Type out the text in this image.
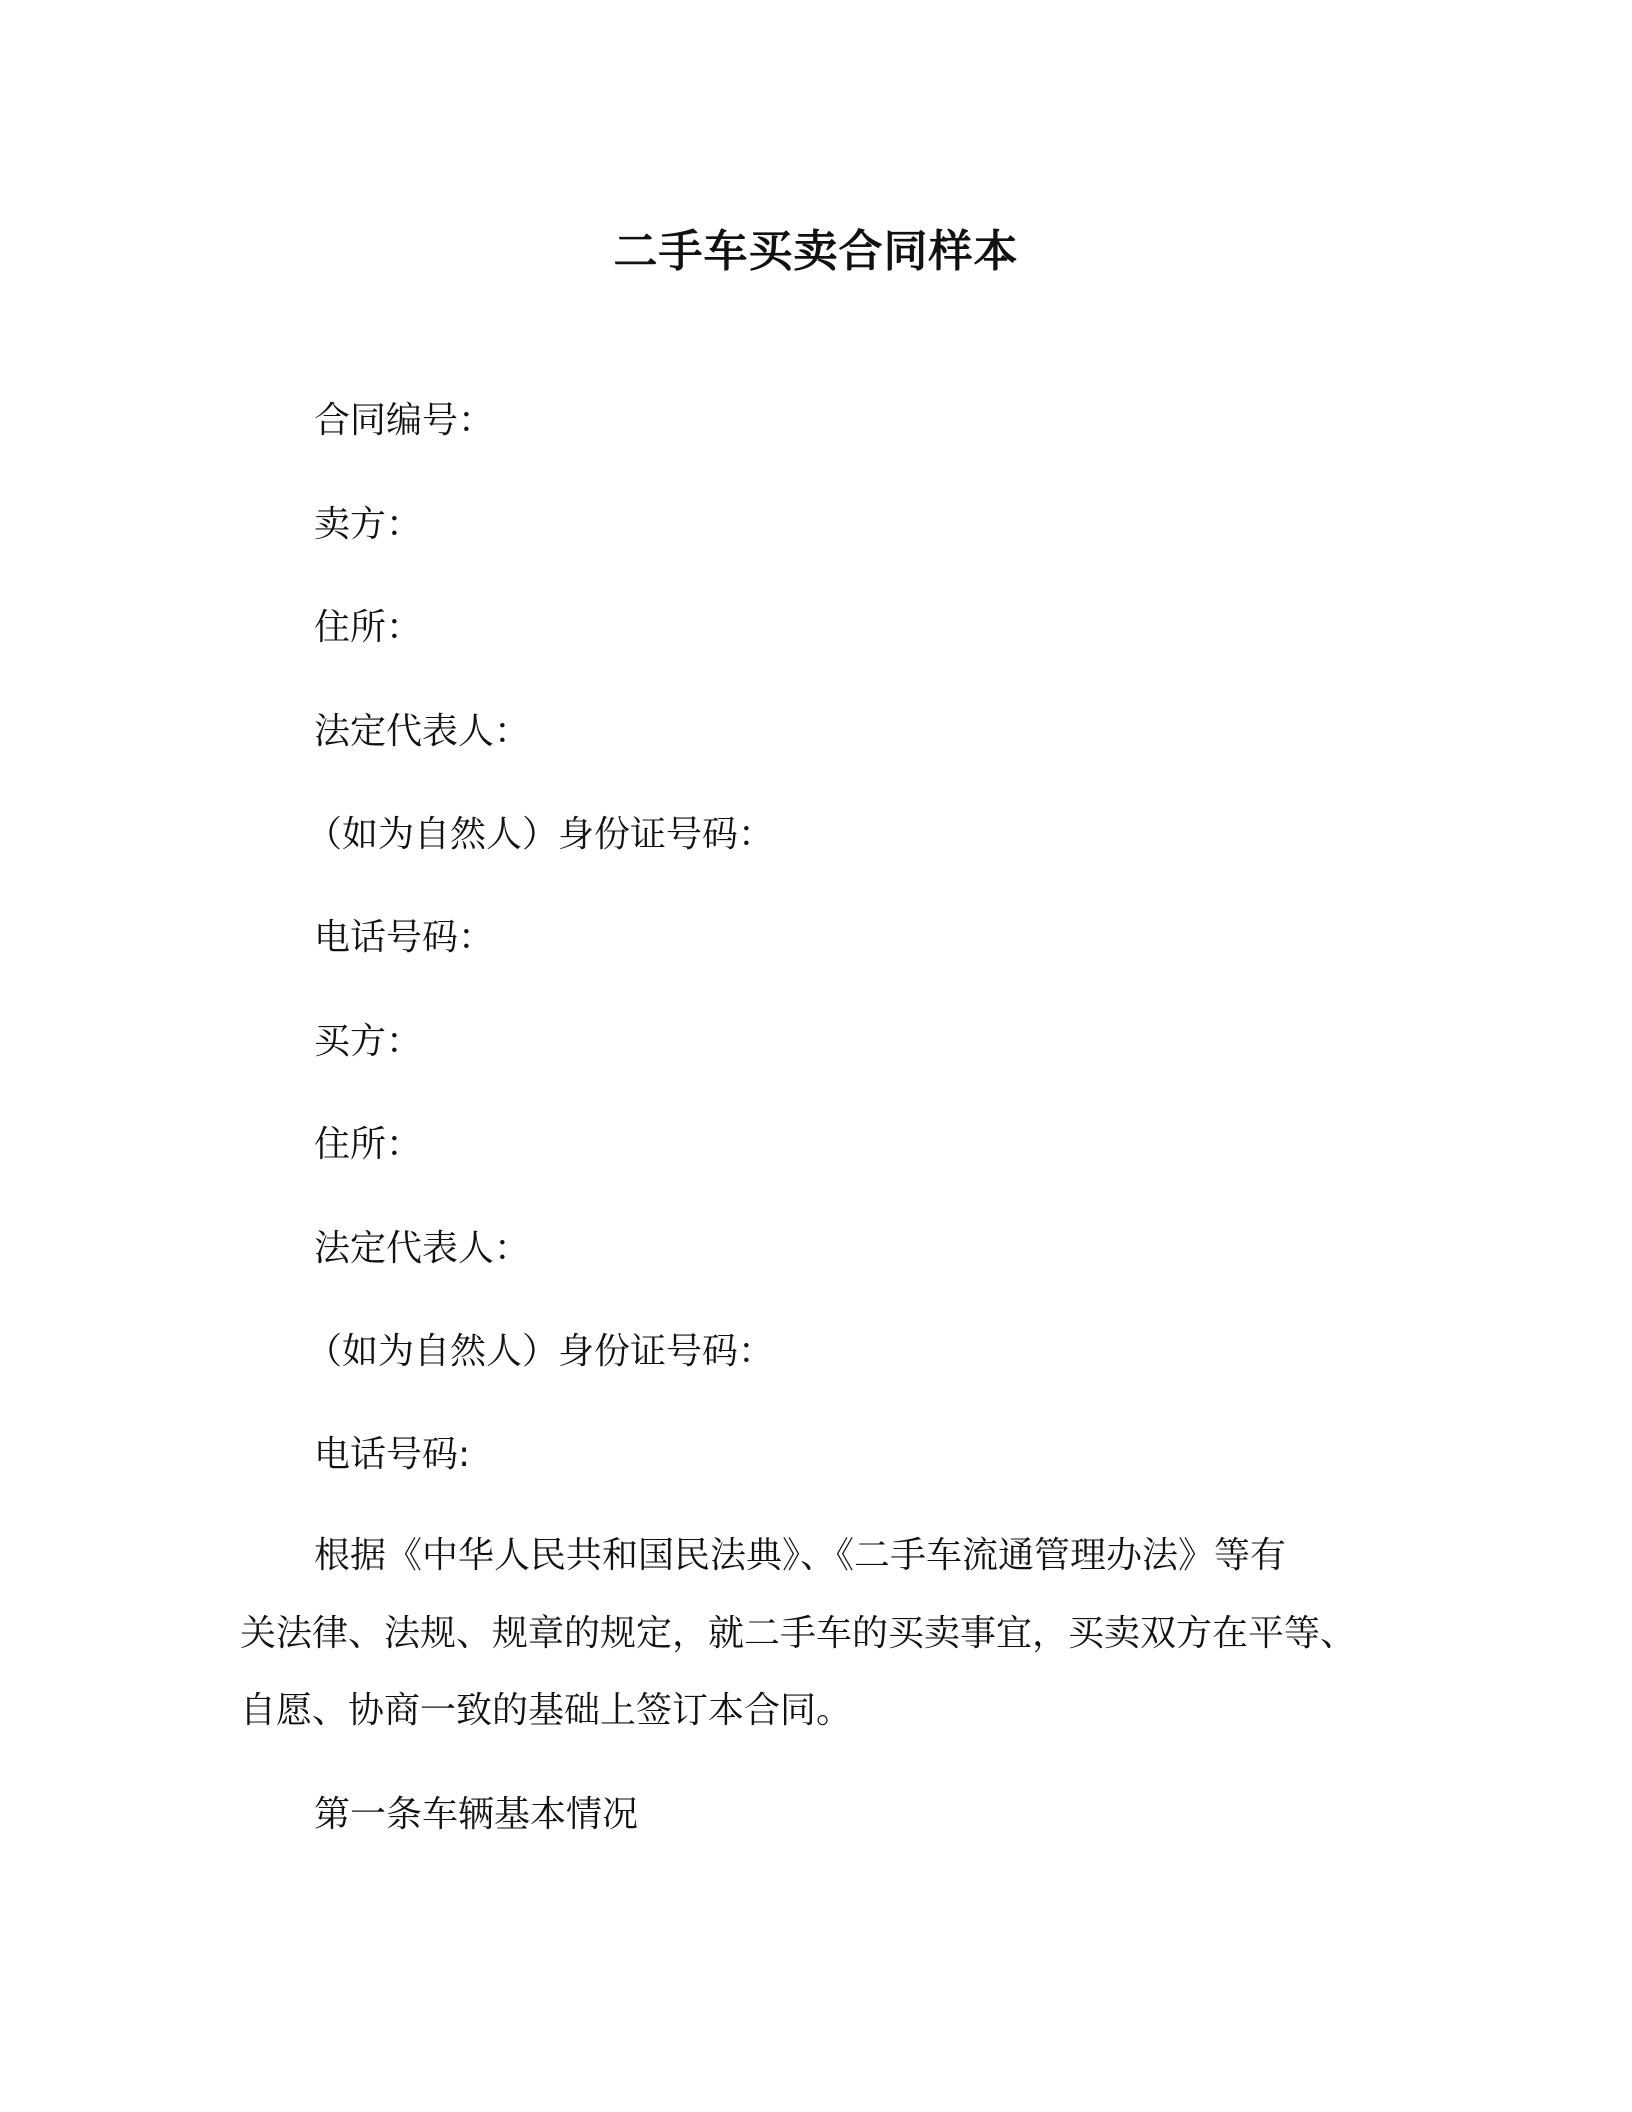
二手车买卖合同样本
合同编号：
卖方：
住所：
法定代表人：
（如为自然人）身份证号码：
电话号码：
买方：
住所：
法定代表人：
（如为自然人）身份证号码：
电话号码:
根据《中华人民共和国民法典》、《二手车流通管理办法》等有
关法律、法规、规章的规定，就二手车的买卖事宜，买卖双方在平等、
自愿、协商一致的基础上签订本合同。
第一条车辆基本情况
